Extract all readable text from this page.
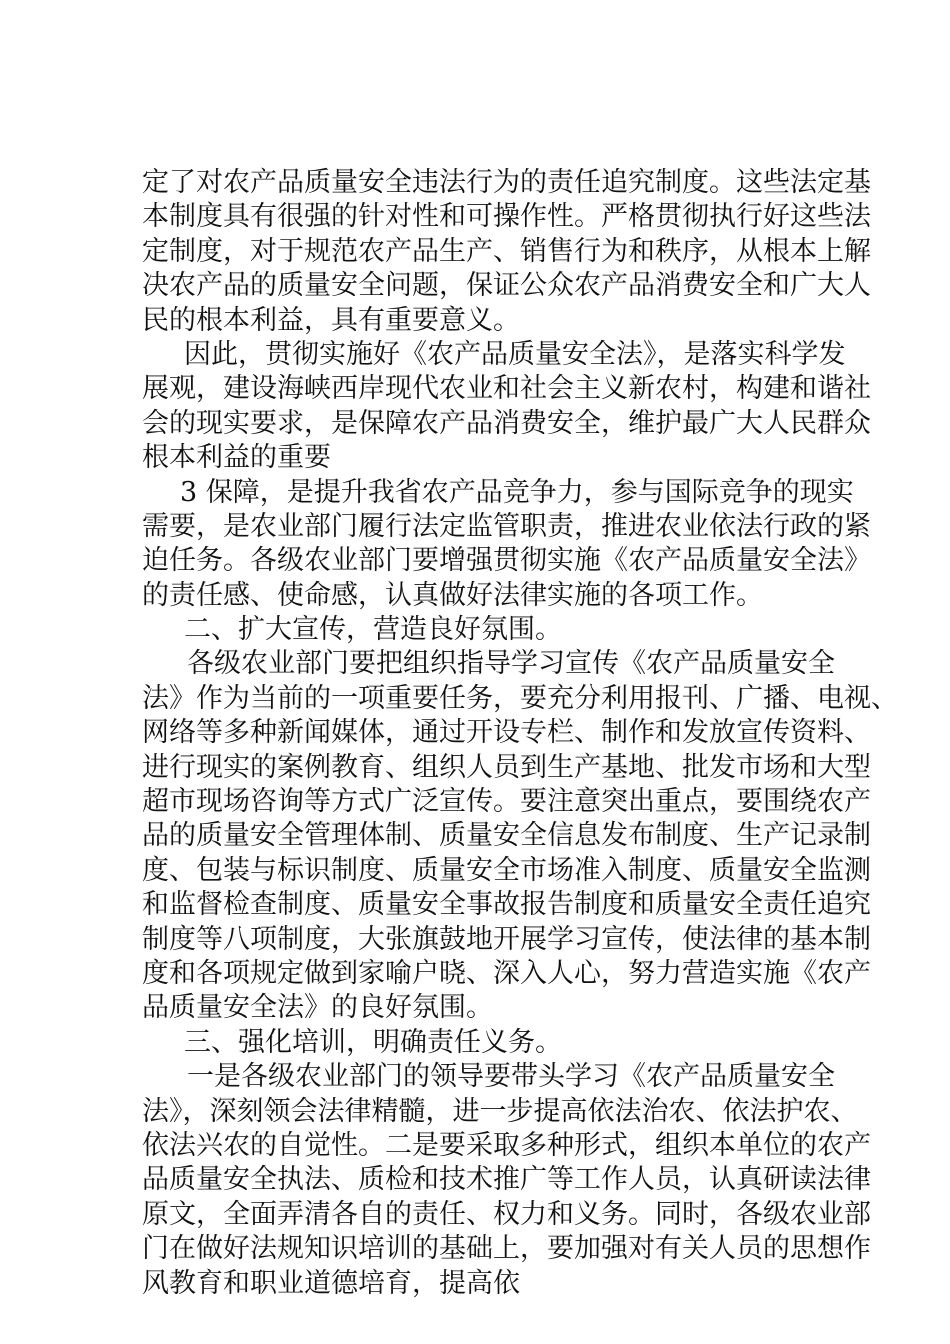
定了对农产品质量安全违法行为的责任追究制度。这些法定基
本制度具有很强的针对性和可操作性。严格贯彻执行好这些法
定制度，对于规范农产品生产、销售行为和秩序，从根本上解
决农产品的质量安全问题，保证公众农产品消费安全和广大人
民的根本利益，具有重要意义。
因此，贯彻实施好《农产品质量安全法》，是落实科学发
展观，建设海峡西岸现代农业和社会主义新农村，构建和谐社
会的现实要求，是保障农产品消费安全，维护最广大人民群众
根本利益的重要
3 保障，是提升我省农产品竞争力，参与国际竞争的现实
需要，是农业部门履行法定监管职责，推进农业依法行政的紧
迫任务。各级农业部门要增强贯彻实施《农产品质量安全法》
的责任感、使命感，认真做好法律实施的各项工作。
二、扩大宣传，营造良好氛围。
各级农业部门要把组织指导学习宣传《农产品质量安全
法》作为当前的一项重要任务，要充分利用报刊、广播、电视、
网络等多种新闻媒体，通过开设专栏、制作和发放宣传资料、
进行现实的案例教育、组织人员到生产基地、批发市场和大型
超市现场咨询等方式广泛宣传。要注意突出重点，要围绕农产
品的质量安全管理体制、质量安全信息发布制度、生产记录制
度、包装与标识制度、质量安全市场准入制度、质量安全监测
和监督检查制度、质量安全事故报告制度和质量安全责任追究
制度等八项制度，大张旗鼓地开展学习宣传，使法律的基本制
度和各项规定做到家喻户晓、深入人心，努力营造实施《农产
品质量安全法》的良好氛围。
三、强化培训，明确责任义务。
一是各级农业部门的领导要带头学习《农产品质量安全
法》，深刻领会法律精髓，进一步提高依法治农、依法护农、
依法兴农的自觉性。二是要采取多种形式，组织本单位的农产
品质量安全执法、质检和技术推广等工作人员，认真研读法律
原文，全面弄清各自的责任、权力和义务。同时，各级农业部
门在做好法规知识培训的基础上，要加强对有关人员的思想作
风教育和职业道德培育，提高依
